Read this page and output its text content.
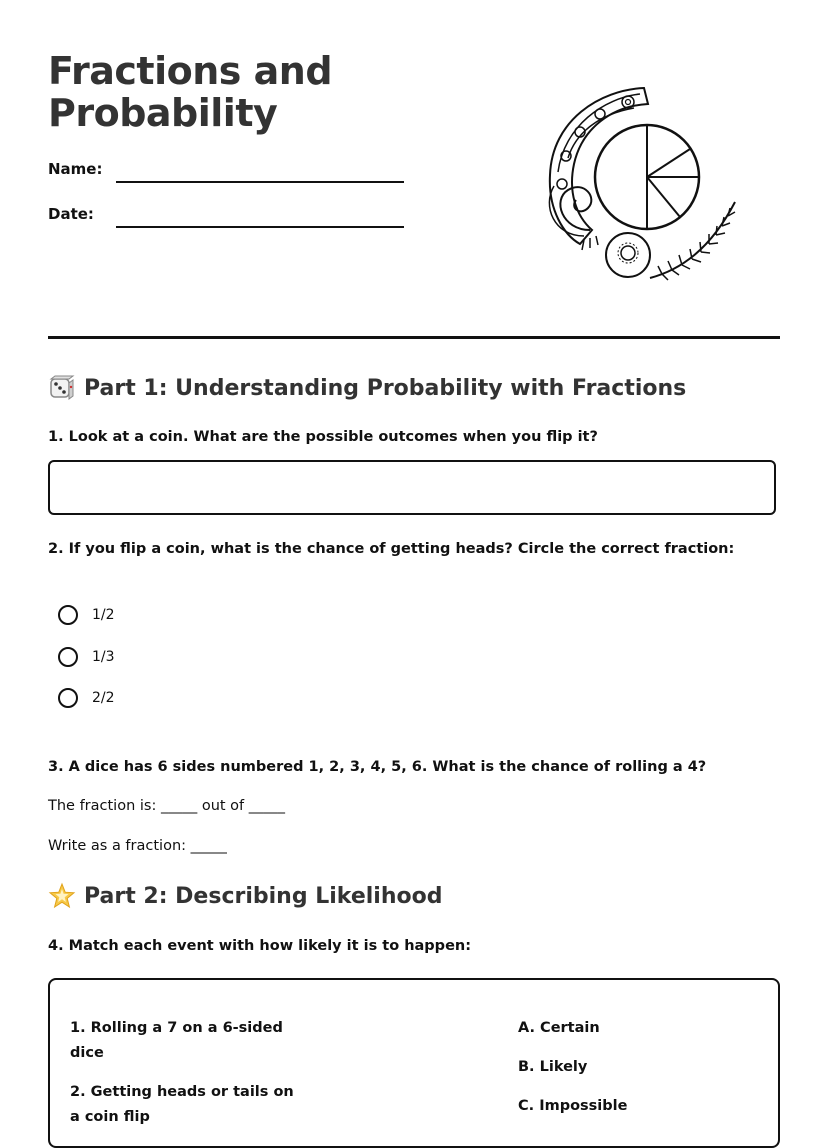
Fractions and
Probability
Name:
Date:
Part 1: Understanding Probability with Fractions

1. Look at a coin. What are the possible outcomes when you flip it?

2. If you flip a coin, what is the chance of getting heads? Circle the correct fraction:

1/2
1/3
2/2

3. A dice has 6 sides numbered 1, 2, 3, 4, 5, 6. What is the chance of rolling a 4?

The fraction is: _____ out of _____

Write as a fraction: _____

Part 2: Describing Likelihood

4. Match each event with how likely it is to happen:

1. Rolling a 7 on a 6-sided dice

2. Getting heads or tails on a coin flip

A. Certain

B. Likely

C. Impossible
